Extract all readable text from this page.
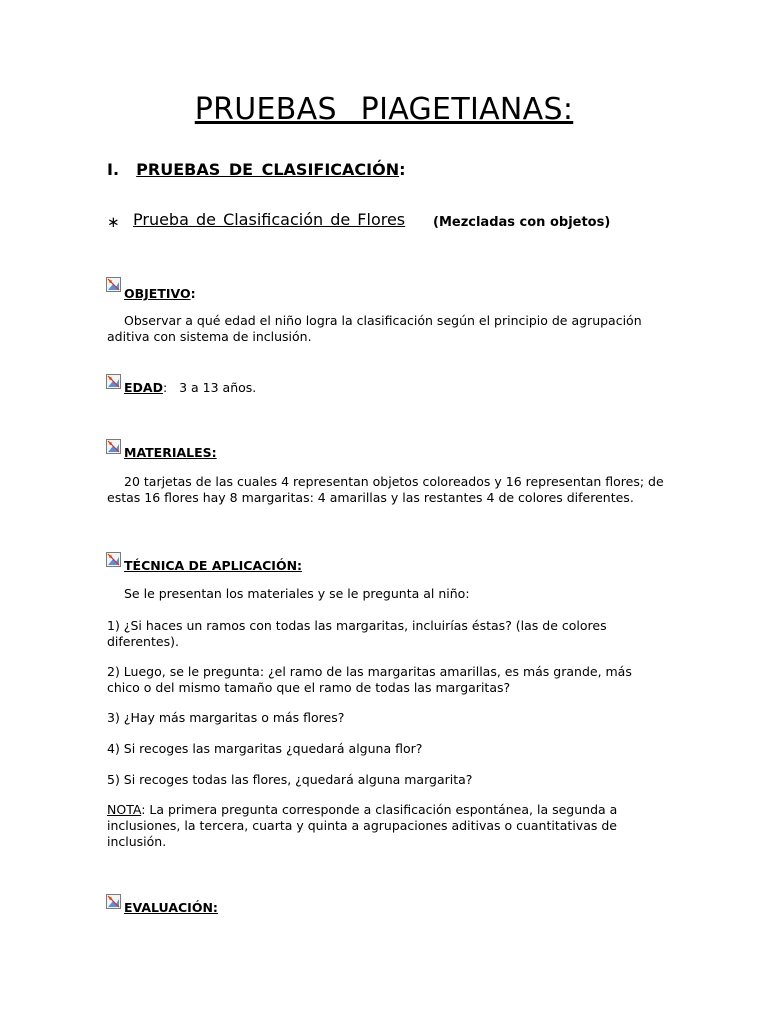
PRUEBAS PIAGETIANAS:
I. PRUEBAS DE CLASIFICACIÓN:
∗ Prueba de Clasificación de Flores (Mezcladas con objetos)
OBJETIVO:

Observar a qué edad el niño logra la clasificación según el principio de agrupación aditiva con sistema de inclusión.

EDAD: 3 a 13 años.
MATERIALES:

20 tarjetas de las cuales 4 representan objetos coloreados y 16 representan flores; de estas 16 flores hay 8 margaritas: 4 amarillas y las restantes 4 de colores diferentes.

TÉCNICA DE APLICACIÓN:

Se le presentan los materiales y se le pregunta al niño:

1) ¿Si haces un ramos con todas las margaritas, incluirías éstas? (las de colores diferentes).

2) Luego, se le pregunta: ¿el ramo de las margaritas amarillas, es más grande, más chico o del mismo tamaño que el ramo de todas las margaritas?

3) ¿Hay más margaritas o más flores?

4) Si recoges las margaritas ¿quedará alguna flor?

5) Si recoges todas las flores, ¿quedará alguna margarita?

NOTA: La primera pregunta corresponde a clasificación espontánea, la segunda a inclusiones, la tercera, cuarta y quinta a agrupaciones aditivas o cuantitativas de inclusión.

EVALUACIÓN:
